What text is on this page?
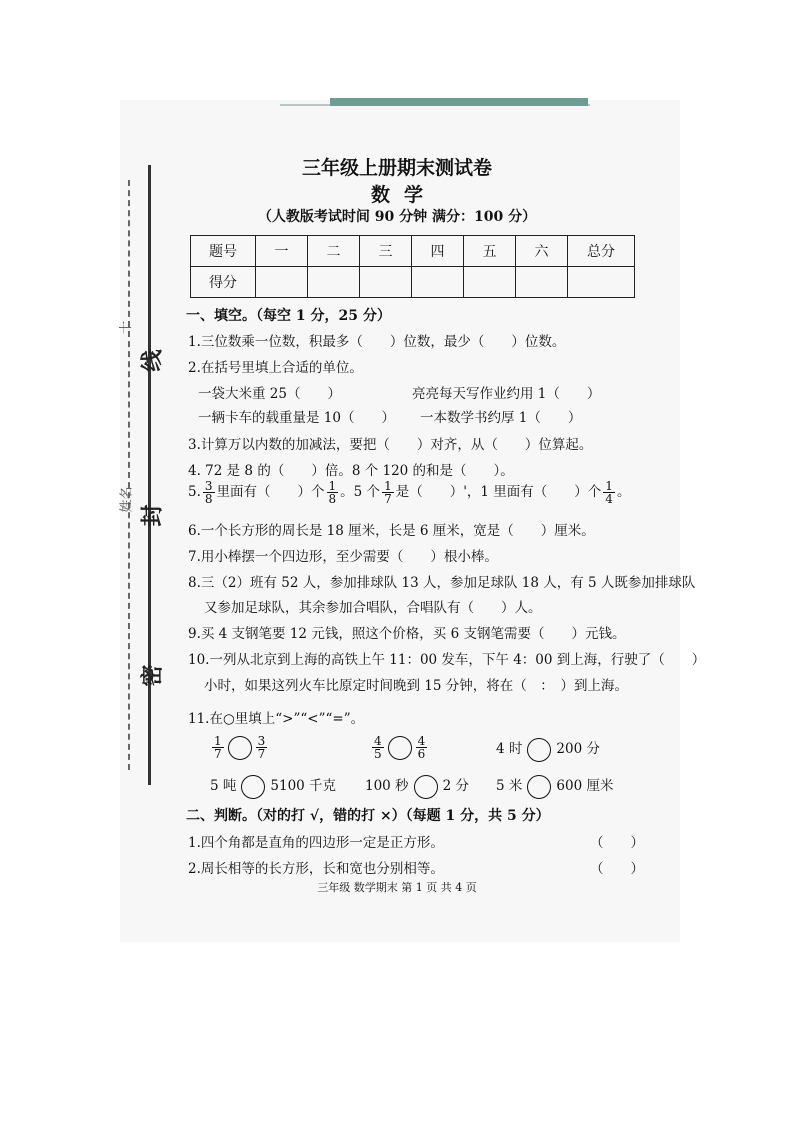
十
线
姓名
封
密
三年级上册期末测试卷
数学
（人教版考试时间 90 分钟 满分：100 分）
题号	一	二	三	四	五	六	总分
得分							
一、填空。（每空 1 分，25 分）
1.三位数乘一位数，积最多（　　）位数，最少（　　）位数。
2.在括号里填上合适的单位。
一袋大米重 25（　　）	亮亮每天写作业约用 1（　　）
一辆卡车的载重量是 10（　　） 一本数学书约厚 1（　　）
3.计算万以内数的加减法，要把（　　）对齐，从（　　）位算起。
4. 72 是 8 的（　　）倍。8 个 120 的和是（　　）。
5. $\frac{3}{8}$ 里面有（　　）个 $\frac{1}{8}$ 。5 个 $\frac{1}{7}$ 是（　　）'，1 里面有（　　）个 $\frac{1}{4}$ 。
6.一个长方形的周长是 18 厘米，长是 6 厘米，宽是（　　）厘米。
7.用小棒摆一个四边形，至少需要（　　）根小棒。
8.三（2）班有 52 人，参加排球队 13 人，参加足球队 18 人，有 5 人既参加排球队
又参加足球队，其余参加合唱队，合唱队有（　　）人。
9.买 4 支钢笔要 12 元钱，照这个价格，买 6 支钢笔需要（　　）元钱。
10.一列从北京到上海的高铁上午 11：00 发车，下午 4：00 到上海，行驶了（　　）
小时，如果这列火车比原定时间晚到 15 分钟，将在（　：　）到上海。
11.在○里填上“>”“<”“=”。
$\frac{1}{7}$	$\frac{3}{7}$	$\frac{4}{5}$	$\frac{4}{6}$	4 时	200 分
5 吨	5100 千克 100 秒	2 分 5 米	600 厘米
二、判断。（对的打 √，错的打 ×）（每题 1 分，共 5 分）
1.四个角都是直角的四边形一定是正方形。	（　　）
2.周长相等的长方形，长和宽也分别相等。	（　　）
三年级 数学期末 第 1 页 共 4 页
